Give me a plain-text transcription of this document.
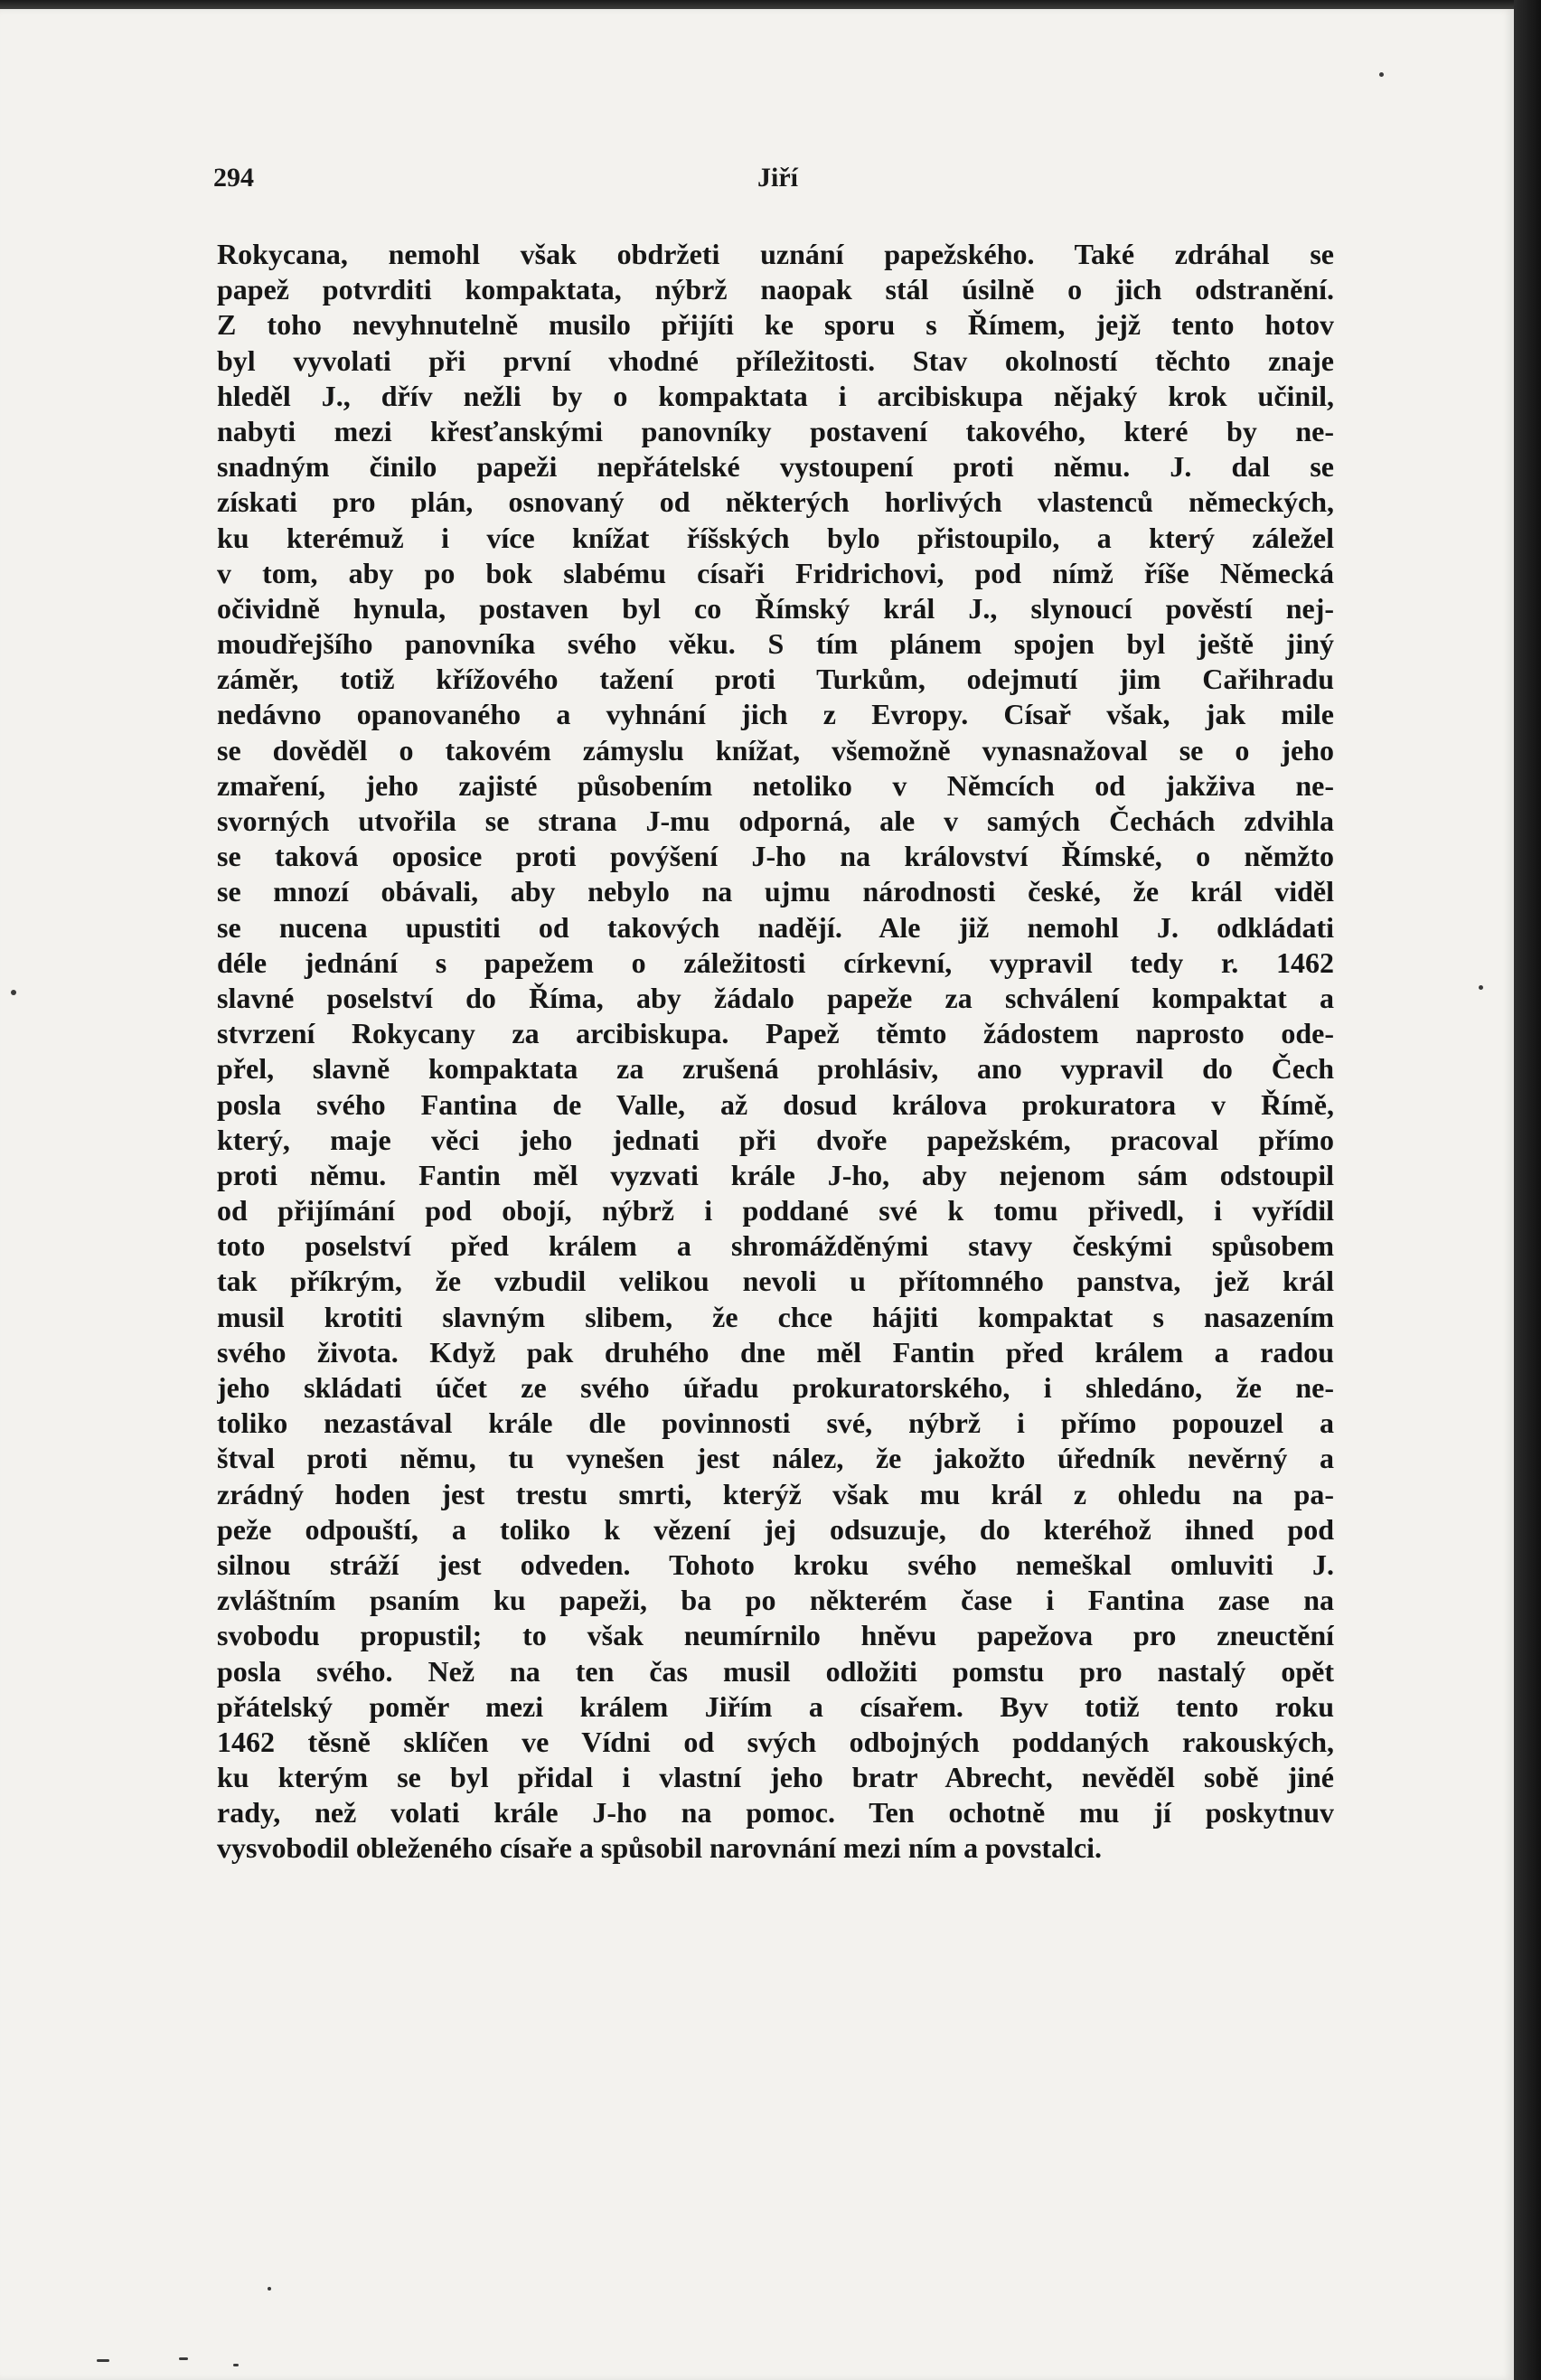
294	Jiří
Rokycana, nemohl však obdržeti uznání papežského. Také zdráhal se
papež potvrditi kompaktata, nýbrž naopak stál úsilně o jich odstranění.
Z toho nevyhnutelně musilo přijíti ke sporu s Římem, jejž tento hotov
byl vyvolati při první vhodné příležitosti. Stav okolností těchto znaje
hleděl J., dřív nežli by o kompaktata i arcibiskupa nějaký krok učinil,
nabyti mezi křesťanskými panovníky postavení takového, které by ne-
snadným činilo papeži nepřátelské vystoupení proti němu. J. dal se
získati pro plán, osnovaný od některých horlivých vlastenců německých,
ku kterémuž i více knížat říšských bylo přistoupilo, a který záležel
v tom, aby po bok slabému císaři Fridrichovi, pod nímž říše Německá
očividně hynula, postaven byl co Římský král J., slynoucí pověstí nej-
moudřejšího panovníka svého věku. S tím plánem spojen byl ještě jiný
záměr, totiž křížového tažení proti Turkům, odejmutí jim Cařihradu
nedávno opanovaného a vyhnání jich z Evropy. Císař však, jak mile
se dověděl o takovém zámyslu knížat, všemožně vynasnažoval se o jeho
zmaření, jeho zajisté působením netoliko v Němcích od jakživa ne-
svorných utvořila se strana J-mu odporná, ale v samých Čechách zdvihla
se taková oposice proti povýšení J-ho na království Římské, o němžto
se mnozí obávali, aby nebylo na ujmu národnosti české, že král viděl
se nucena upustiti od takových nadějí. Ale již nemohl J. odkládati
déle jednání s papežem o záležitosti církevní, vypravil tedy r. 1462
slavné poselství do Říma, aby žádalo papeže za schválení kompaktat a
stvrzení Rokycany za arcibiskupa. Papež těmto žádostem naprosto ode-
přel, slavně kompaktata za zrušená prohlásiv, ano vypravil do Čech
posla svého Fantina de Valle, až dosud králova prokuratora v Římě,
který, maje věci jeho jednati při dvoře papežském, pracoval přímo
proti němu. Fantin měl vyzvati krále J-ho, aby nejenom sám odstoupil
od přijímání pod obojí, nýbrž i poddané své k tomu přivedl, i vyřídil
toto poselství před králem a shromážděnými stavy českými spůsobem
tak příkrým, že vzbudil velikou nevoli u přítomného panstva, jež král
musil krotiti slavným slibem, že chce hájiti kompaktat s nasazením
svého života. Když pak druhého dne měl Fantin před králem a radou
jeho skládati účet ze svého úřadu prokuratorského, i shledáno, že ne-
toliko nezastával krále dle povinnosti své, nýbrž i přímo popouzel a
štval proti němu, tu vynešen jest nález, že jakožto úředník nevěrný a
zrádný hoden jest trestu smrti, kterýž však mu král z ohledu na pa-
peže odpouští, a toliko k vězení jej odsuzuje, do kteréhož ihned pod
silnou stráží jest odveden. Tohoto kroku svého nemeškal omluviti J.
zvláštním psaním ku papeži, ba po některém čase i Fantina zase na
svobodu propustil; to však neumírnilo hněvu papežova pro zneuctění
posla svého. Než na ten čas musil odložiti pomstu pro nastalý opět
přátelský poměr mezi králem Jiřím a císařem. Byv totiž tento roku
1462 těsně sklíčen ve Vídni od svých odbojných poddaných rakouských,
ku kterým se byl přidal i vlastní jeho bratr Abrecht, nevěděl sobě jiné
rady, než volati krále J-ho na pomoc. Ten ochotně mu jí poskytnuv
vysvobodil obleženého císaře a spůsobil narovnání mezi ním a povstalci.
